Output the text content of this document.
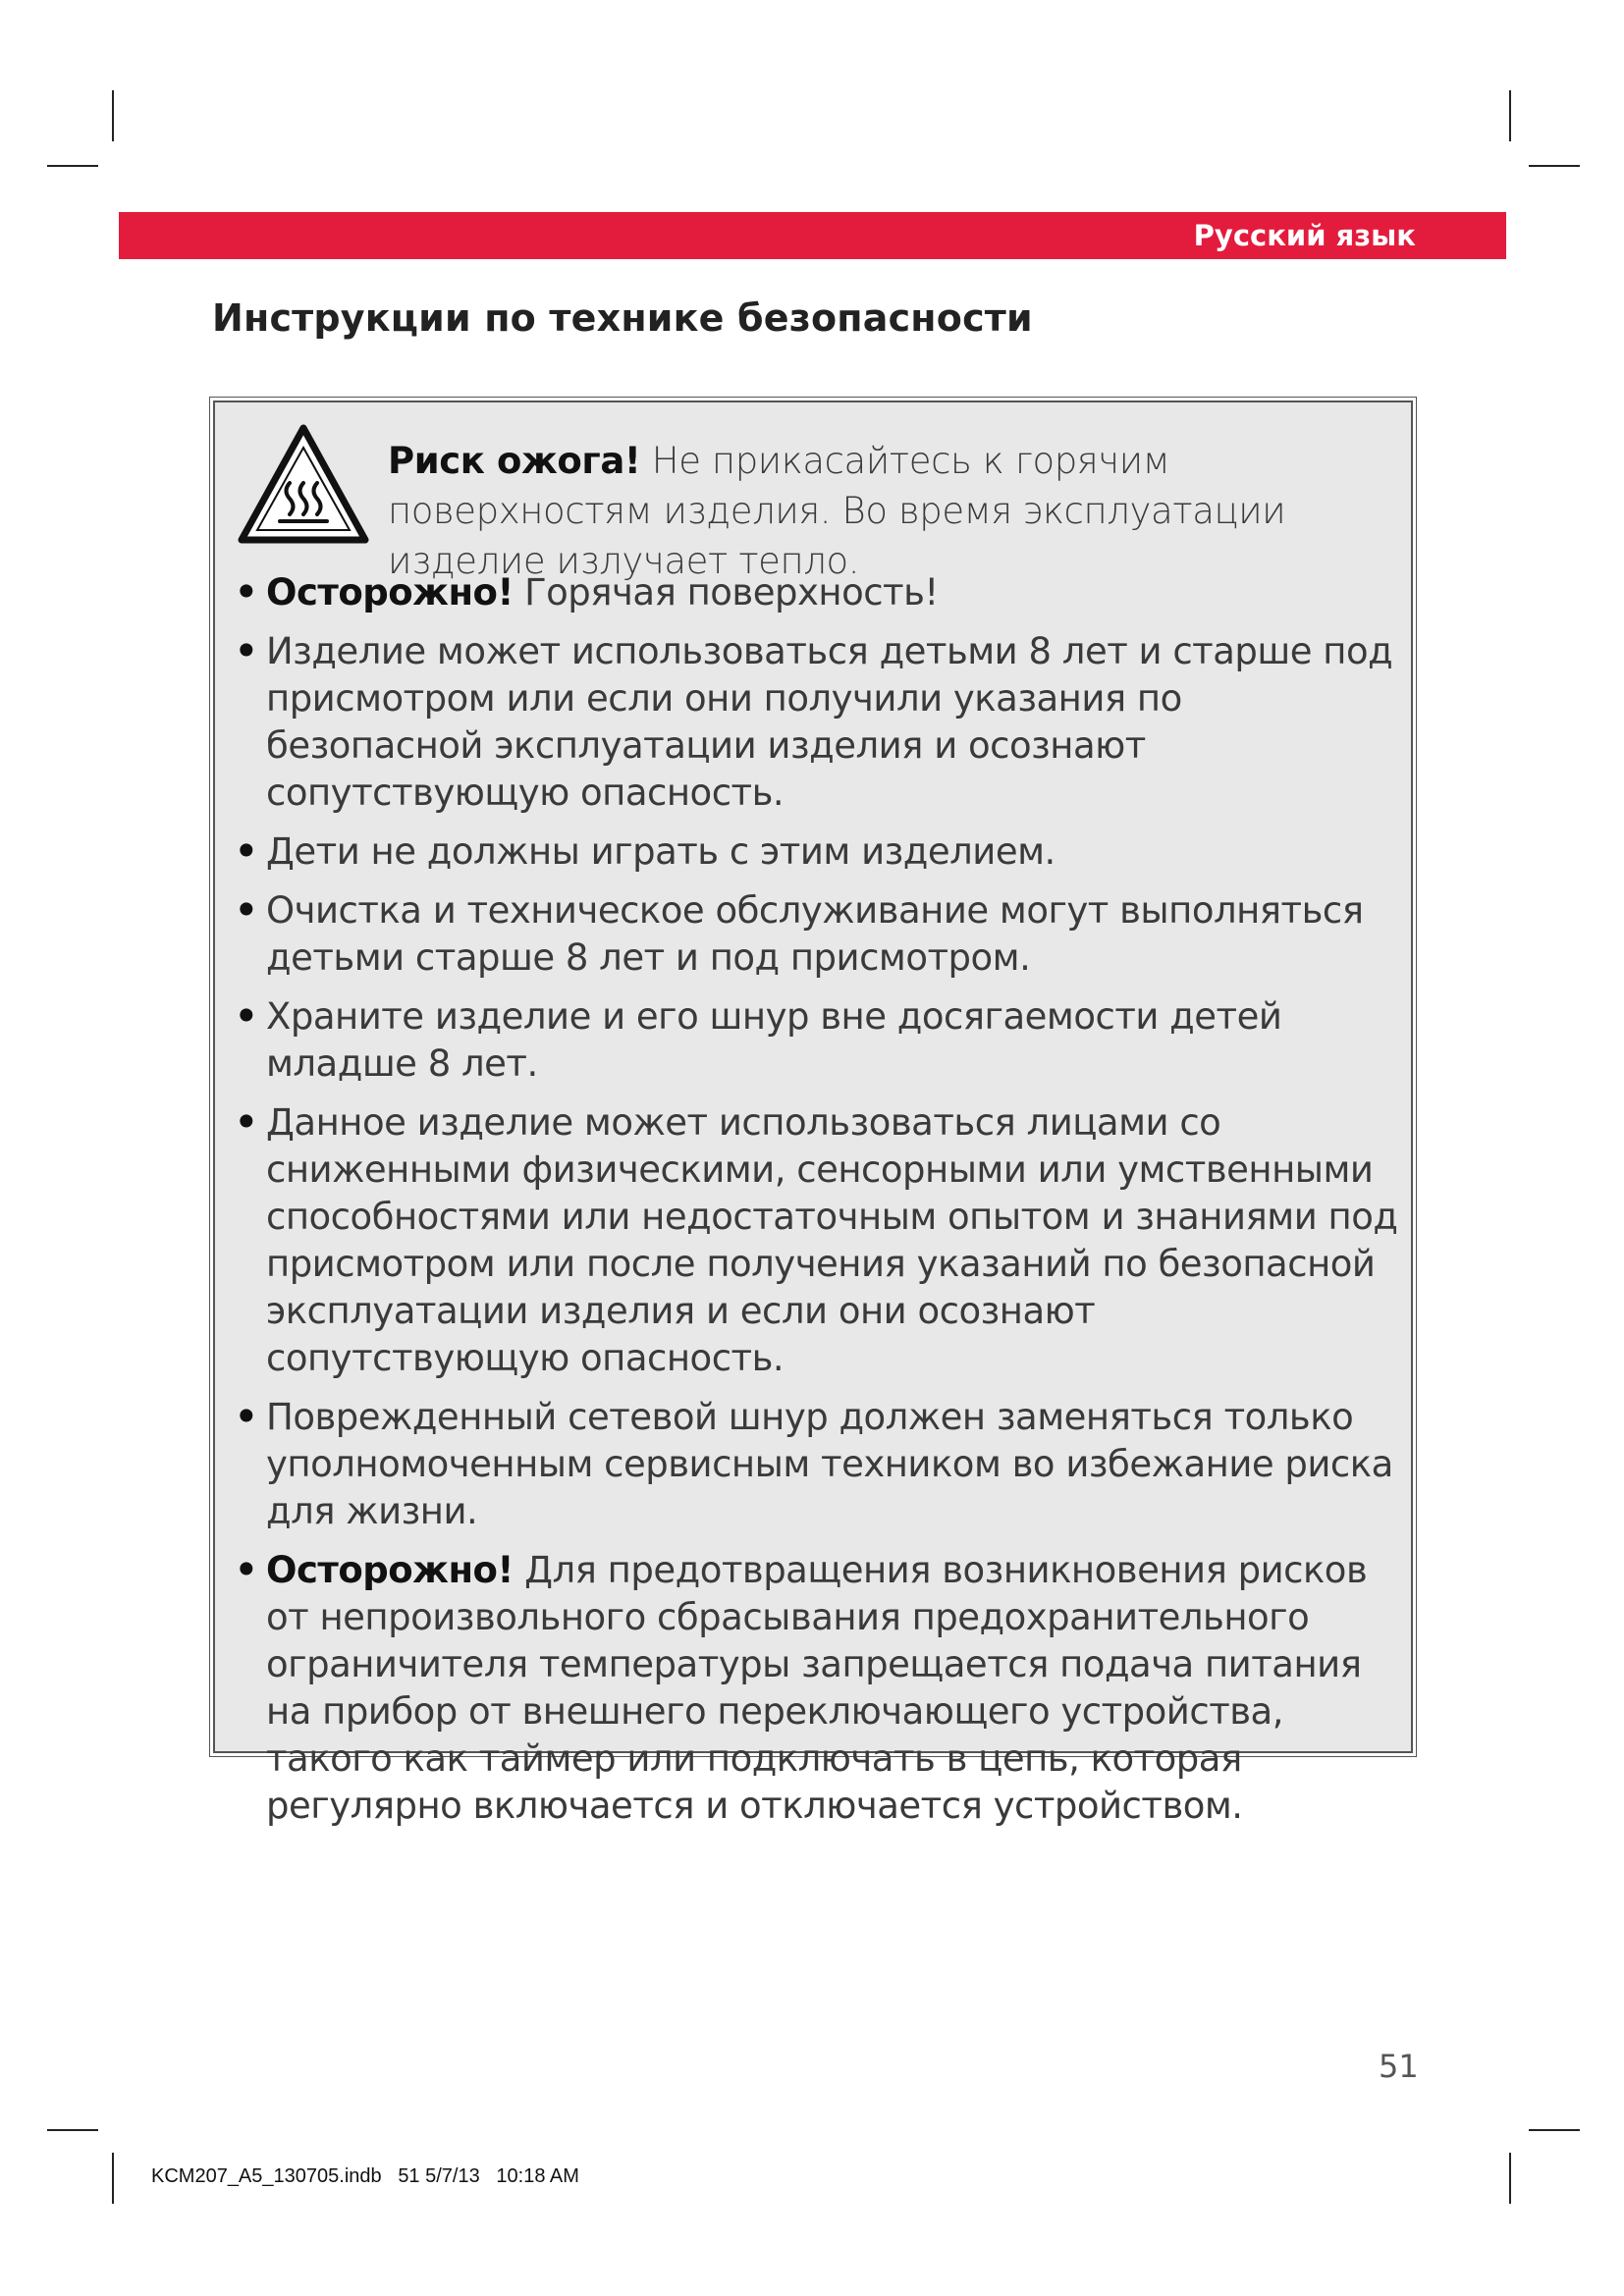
Русский язык
Инструкции по технике безопасности
Риск ожога! Не прикасайтесь к горячим поверхностям изделия. Во время эксплуатации изделие излучает тепло.
• Осторожно! Горячая поверхность!
• Изделие может использоваться детьми 8 лет и старше под присмотром или если они получили указания по безопасной эксплуатации изделия и осознают сопутствующую опасность.
• Дети не должны играть с этим изделием.
• Очистка и техническое обслуживание могут выполняться детьми старше 8 лет и под присмотром.
• Храните изделие и его шнур вне досягаемости детей младше 8 лет.
• Данное изделие может использоваться лицами со сниженными физическими, сенсорными или умственными способностями или недостаточным опытом и знаниями под присмотром или после получения указаний по безопасной эксплуатации изделия и если они осознают сопутствующую опасность.
• Поврежденный сетевой шнур должен заменяться только уполномоченным сервисным техником во избежание риска для жизни.
• Осторожно! Для предотвращения возникновения рисков от непроизвольного сбрасывания предохранительного ограничителя температуры запрещается подача питания на прибор от внешнего переключающего устройства, такого как таймер или подключать в цепь, которая регулярно включается и отключается устройством.
51
KCM207_A5_130705.indb 51 5/7/13 10:18 AM
